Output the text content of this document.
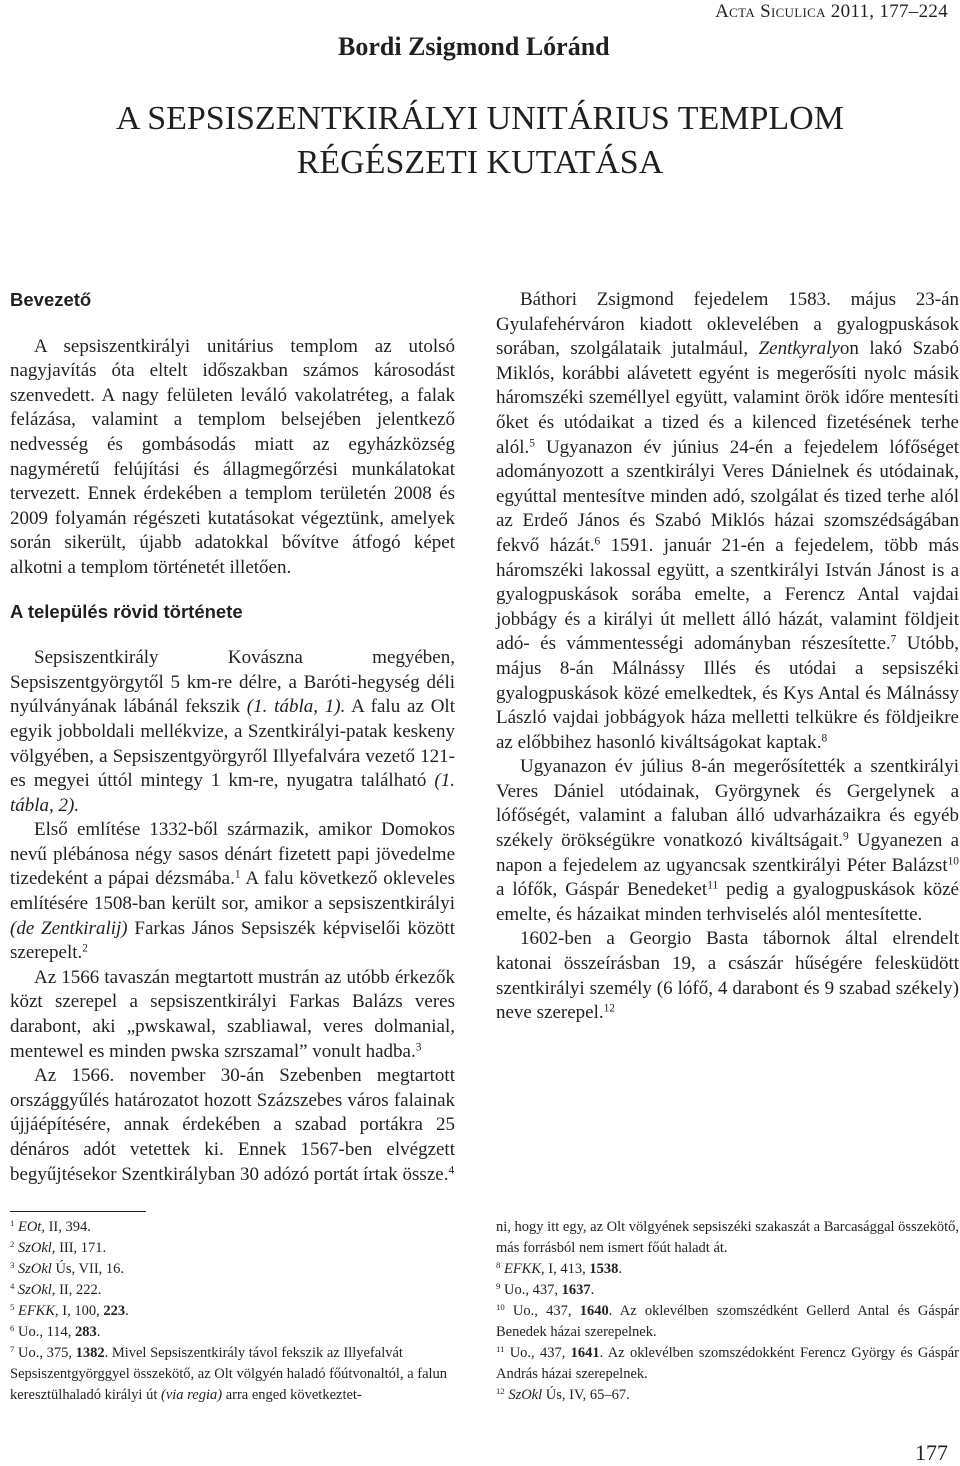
Acta Siculica 2011, 177–224
Bordi Zsigmond Lóránd
A SEPSISZENTKIRÁLYI UNITÁRIUS TEMPLOM
RÉGÉSZETI KUTATÁSA
Bevezető

A sepsiszentkirályi unitárius templom az utolsó nagyjavítás óta eltelt időszakban számos károsodást szenvedett. A nagy felületen leváló vakolatréteg, a falak felázása, valamint a templom belsejében jelentkező nedvesség és gombásodás miatt az egyházközség nagyméretű felújítási és állagmegőrzési munkálatokat tervezett. Ennek érdekében a templom területén 2008 és 2009 folyamán régészeti kutatásokat végeztünk, amelyek során sikerült, újabb adatokkal bővítve átfogó képet alkotni a templom történetét illetően.

A település rövid története

Sepsiszentkirály Kovászna megyében, Sepsiszentgyörgytől 5 km-re délre, a Baróti-hegység déli nyúlványának lábánál fekszik (1. tábla, 1). A falu az Olt egyik jobboldali mellékvize, a Szentkirályi-patak keskeny völgyében, a Sepsiszentgyörgyről Illyefalvára vezető 121-es megyei úttól mintegy 1 km-re, nyugatra található (1. tábla, 2).

Első említése 1332-ből származik, amikor Domokos nevű plébánosa négy sasos dénárt fizetett papi jövedelme tizedeként a pápai dézsmába.$^1$ A falu következő okleveles említésére 1508-ban került sor, amikor a sepsiszentkirályi (de Zentkiralij) Farkas János Sepsiszék képviselői között szerepelt.$^2$

Az 1566 tavaszán megtartott mustrán az utóbb érkezők közt szerepel a sepsiszentkirályi Farkas Balázs veres darabont, aki „pwskawal, szabliawal, veres dolmanial, mentewel es minden pwska szrszamal” vonult hadba.$^3$

Az 1566. november 30-án Szebenben megtartott országgyűlés határozatot hozott Százszebes város falainak újjáépítésére, annak érdekében a szabad portákra 25 dénáros adót vetettek ki. Ennek 1567-ben elvégzett begyűjtésekor Szentkirályban 30 adózó portát írtak össze.$^4$

Báthori Zsigmond fejedelem 1583. május 23-án Gyulafehérváron kiadott oklevelében a gyalogpuskások sorában, szolgálataik jutalmául, Zentkyralyon lakó Szabó Miklós, korábbi alávetett egyént is megerősíti nyolc másik háromszéki személlyel együtt, valamint örök időre mentesíti őket és utódaikat a tized és a kilenced fizetésének terhe alól.$^5$ Ugyanazon év június 24-én a fejedelem lófőséget adományozott a szentkirályi Veres Dánielnek és utódainak, egyúttal mentesítve minden adó, szolgálat és tized terhe alól az Erdeő János és Szabó Miklós házai szomszédságában fekvő házát.$^6$ 1591. január 21-én a fejedelem, több más háromszéki lakossal együtt, a szentkirályi István Jánost is a gyalogpuskások sorába emelte, a Ferencz Antal vajdai jobbágy és a királyi út mellett álló házát, valamint földjeit adó- és vámmentességi adományban részesítette.$^7$ Utóbb, május 8-án Málnássy Illés és utódai a sepsiszéki gyalogpuskások közé emelkedtek, és Kys Antal és Málnássy László vajdai jobbágyok háza melletti telkükre és földjeikre az előbbihez hasonló kiváltságokat kaptak.$^8$

Ugyanazon év július 8-án megerősítették a szentkirályi Veres Dániel utódainak, Györgynek és Gergelynek a lófőségét, valamint a faluban álló udvarházaikra és egyéb székely örökségükre vonatkozó kiváltságait.$^9$ Ugyanezen a napon a fejedelem az ugyancsak szentkirályi Péter Balázst$^{10}$ a lófők, Gáspár Benedeket$^{11}$ pedig a gyalogpuskások közé emelte, és házaikat minden terhviselés alól mentesítette.

1602-ben a Georgio Basta tábornok által elrendelt katonai összeírásban 19, a császár hűségére felesküdött szentkirályi személy (6 lófő, 4 darabont és 9 szabad székely) neve szerepel.$^{12}$

$^1$ EOt, II, 394.

$^2$ SzOkl, III, 171.

$^3$ SzOkl Ús, VII, 16.

$^4$ SzOkl, II, 222.

$^5$ EFKK, I, 100, 223.

$^6$ Uo., 114, 283.

$^7$ Uo., 375, 1382. Mivel Sepsiszentkirály távol fekszik az Illyefalvát Sepsiszentgyörggyel összekötő, az Olt völgyén haladó főútvonaltól, a falun keresztülhaladó királyi út (via regia) arra enged következtet-

ni, hogy itt egy, az Olt völgyének sepsiszéki szakaszát a Barcasággal összekötő, más forrásból nem ismert főút haladt át.

$^8$ EFKK, I, 413, 1538.

$^9$ Uo., 437, 1637.

$^{10}$ Uo., 437, 1640. Az oklevélben szomszédként Gellerd Antal és Gáspár Benedek házai szerepelnek.

$^{11}$ Uo., 437, 1641. Az oklevélben szomszédokként Ferencz György és Gáspár András házai szerepelnek.

$^{12}$ SzOkl Ús, IV, 65–67.

177
